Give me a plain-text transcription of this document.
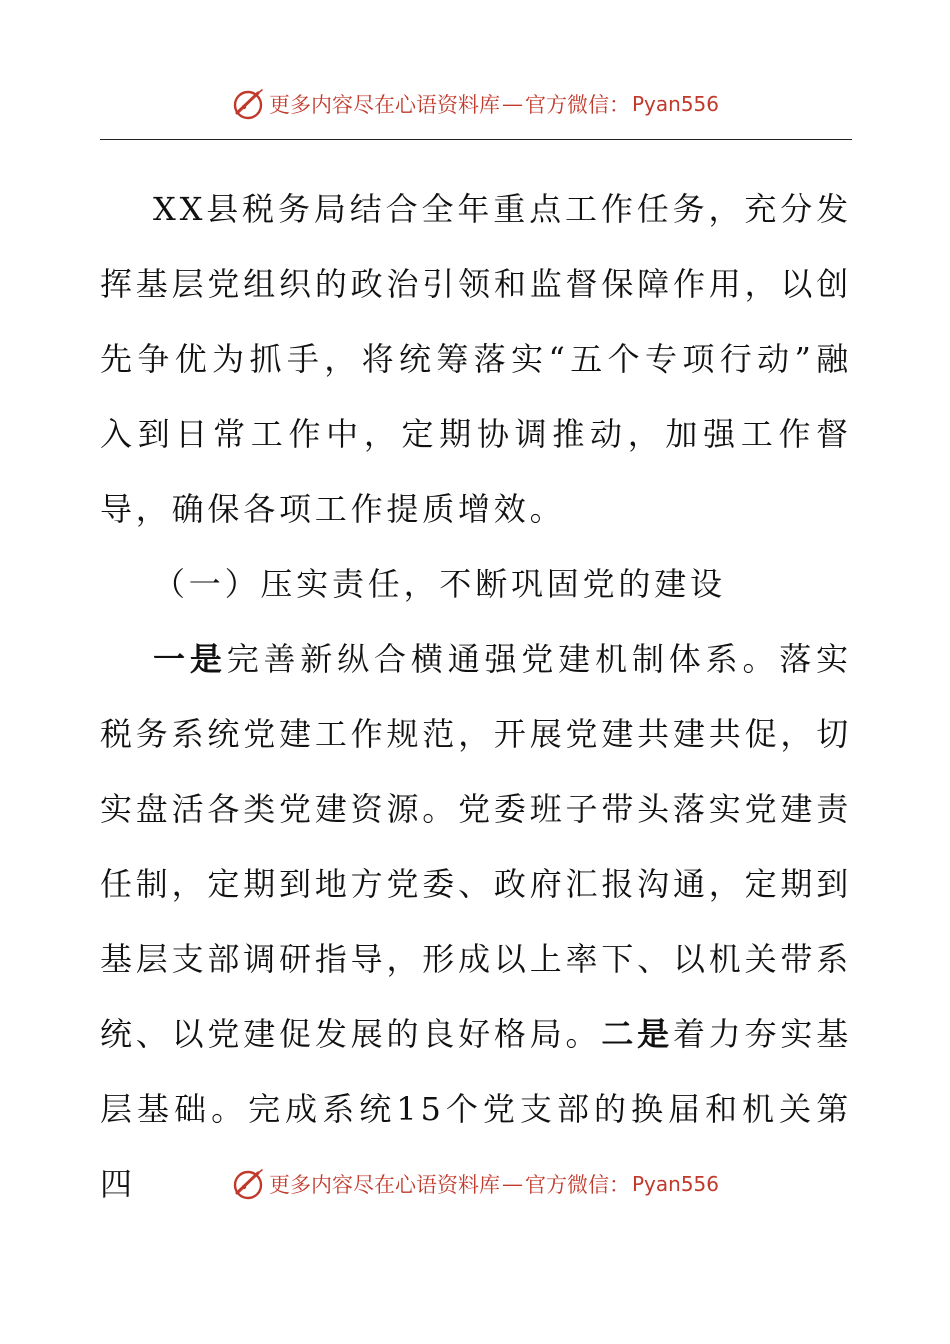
更多内容尽在心语资料库 — 官方微信： Pyan556

XX县税务局结合全年重点工作任务，充分发挥基层党组织的政治引领和监督保障作用，以创先争优为抓手，将统筹落实“五个专项行动”融入到日常工作中，定期协调推动，加强工作督导，确保各项工作提质增效。

（一）压实责任，不断巩固党的建设

一是完善新纵合横通强党建机制体系。落实税务系统党建工作规范，开展党建共建共促，切实盘活各类党建资源。党委班子带头落实党建责任制，定期到地方党委、政府汇报沟通，定期到基层支部调研指导，形成以上率下、以机关带系统、以党建促发展的良好格局。二是着力夯实基层基础。完成系统15个党支部的换届和机关第四	更多内容尽在心语资料库 — 官方微信： Pyan556
